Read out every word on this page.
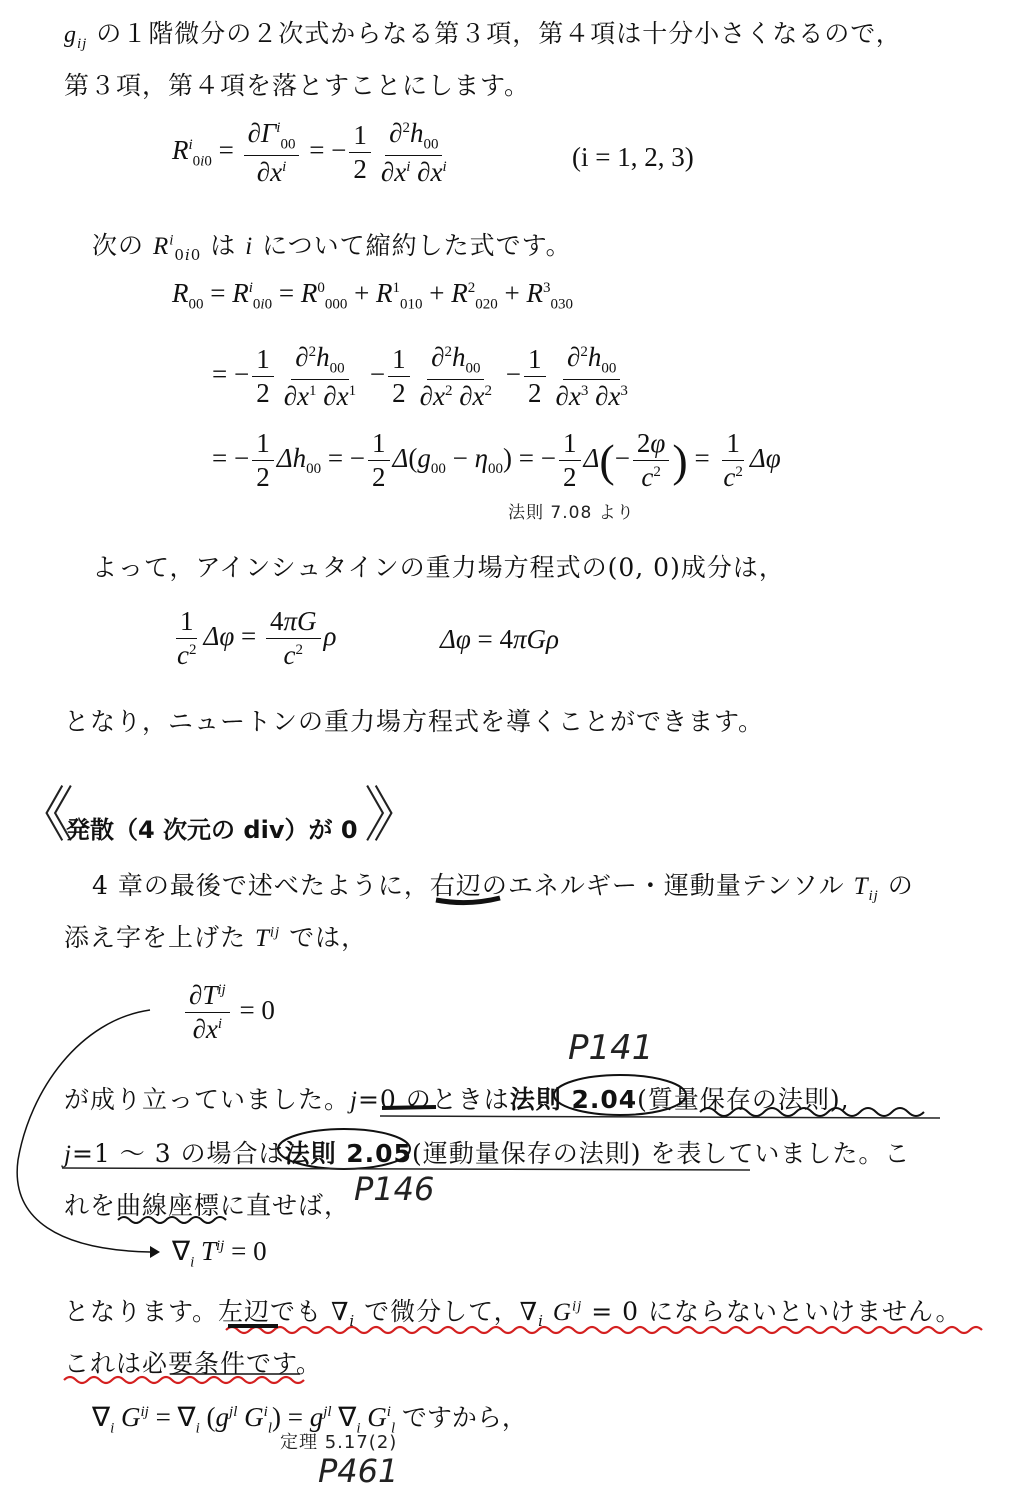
$g_{ij}$ の１階微分の２次式からなる第３項，第４項は十分小さくなるので，
第３項，第４項を落とすことにします。
$R^i_{0i0} = \frac{\partial\Gamma^i_{00}}{\partial x^i}$ = − $\frac{1}{2} \frac{\partial^2h_{00}}{\partial x^i \partial x^i}$	(i = 1, 2, 3)
次の $R^i_{0i0}$ は i について縮約した式です。
$R_{00} = R^i_{0i0} = R^0_{000} + R^1_{010} + R^2_{020} + R^3_{030}$
= − $\frac{1}{2} \frac{\partial^2h_{00}}{\partial x^1 \partial x^1} - \frac{1}{2} \frac{\partial^2h_{00}}{\partial x^2 \partial x^2} - \frac{1}{2} \frac{\partial^2h_{00}}{\partial x^3 \partial x^3}$
= − $\frac{1}{2} \Delta h_{00}$ = − $\frac{1}{2} \Delta(g_{00} - \eta_{00})$ = − $\frac{1}{2} \Delta(- \frac{2\varphi}{c^2}$ ) = $\frac{1}{c^2}$ Δφ
法則 7.08 より
よって，アインシュタインの重力場方程式の(0, 0)成分は，
$\frac{1}{c^2}$ $\Delta\varphi = \frac{4\pi G}{c^2}$ ρ	Δφ = 4πGρ
となり，ニュートンの重力場方程式を導くことができます。
《
発散（4 次元の div）が 0 》
4 章の最後で述べたように，右辺のエネルギー・運動量テンソル $T_{ij}$ の
添え字を上げた $T^{ij}$ では，
$\frac{\partial T^{ij}}{\partial x^i} = 0$
が成り立っていました。j=0 のときは法則 2.04(質量保存の法則),
j=1 〜 3 の場合は法則 2.05(運動量保存の法則) を表していました。こ
れを曲線座標に直せば，
$\nabla_i$ $T^{ij} = 0$
となります。左辺でも $\nabla_i$ で微分して，$\nabla_i$ $G^{ij} = 0$ にならないといけません。
これは必要条件です。
$\nabla_i$ $G^{ij} = \nabla_i$ ($g^{jl}$ $G^i_l) = g^{jl}$ $\nabla_i$ $G^i_l$ ですから，
定理 5.17(2)
P141
P146
P461
